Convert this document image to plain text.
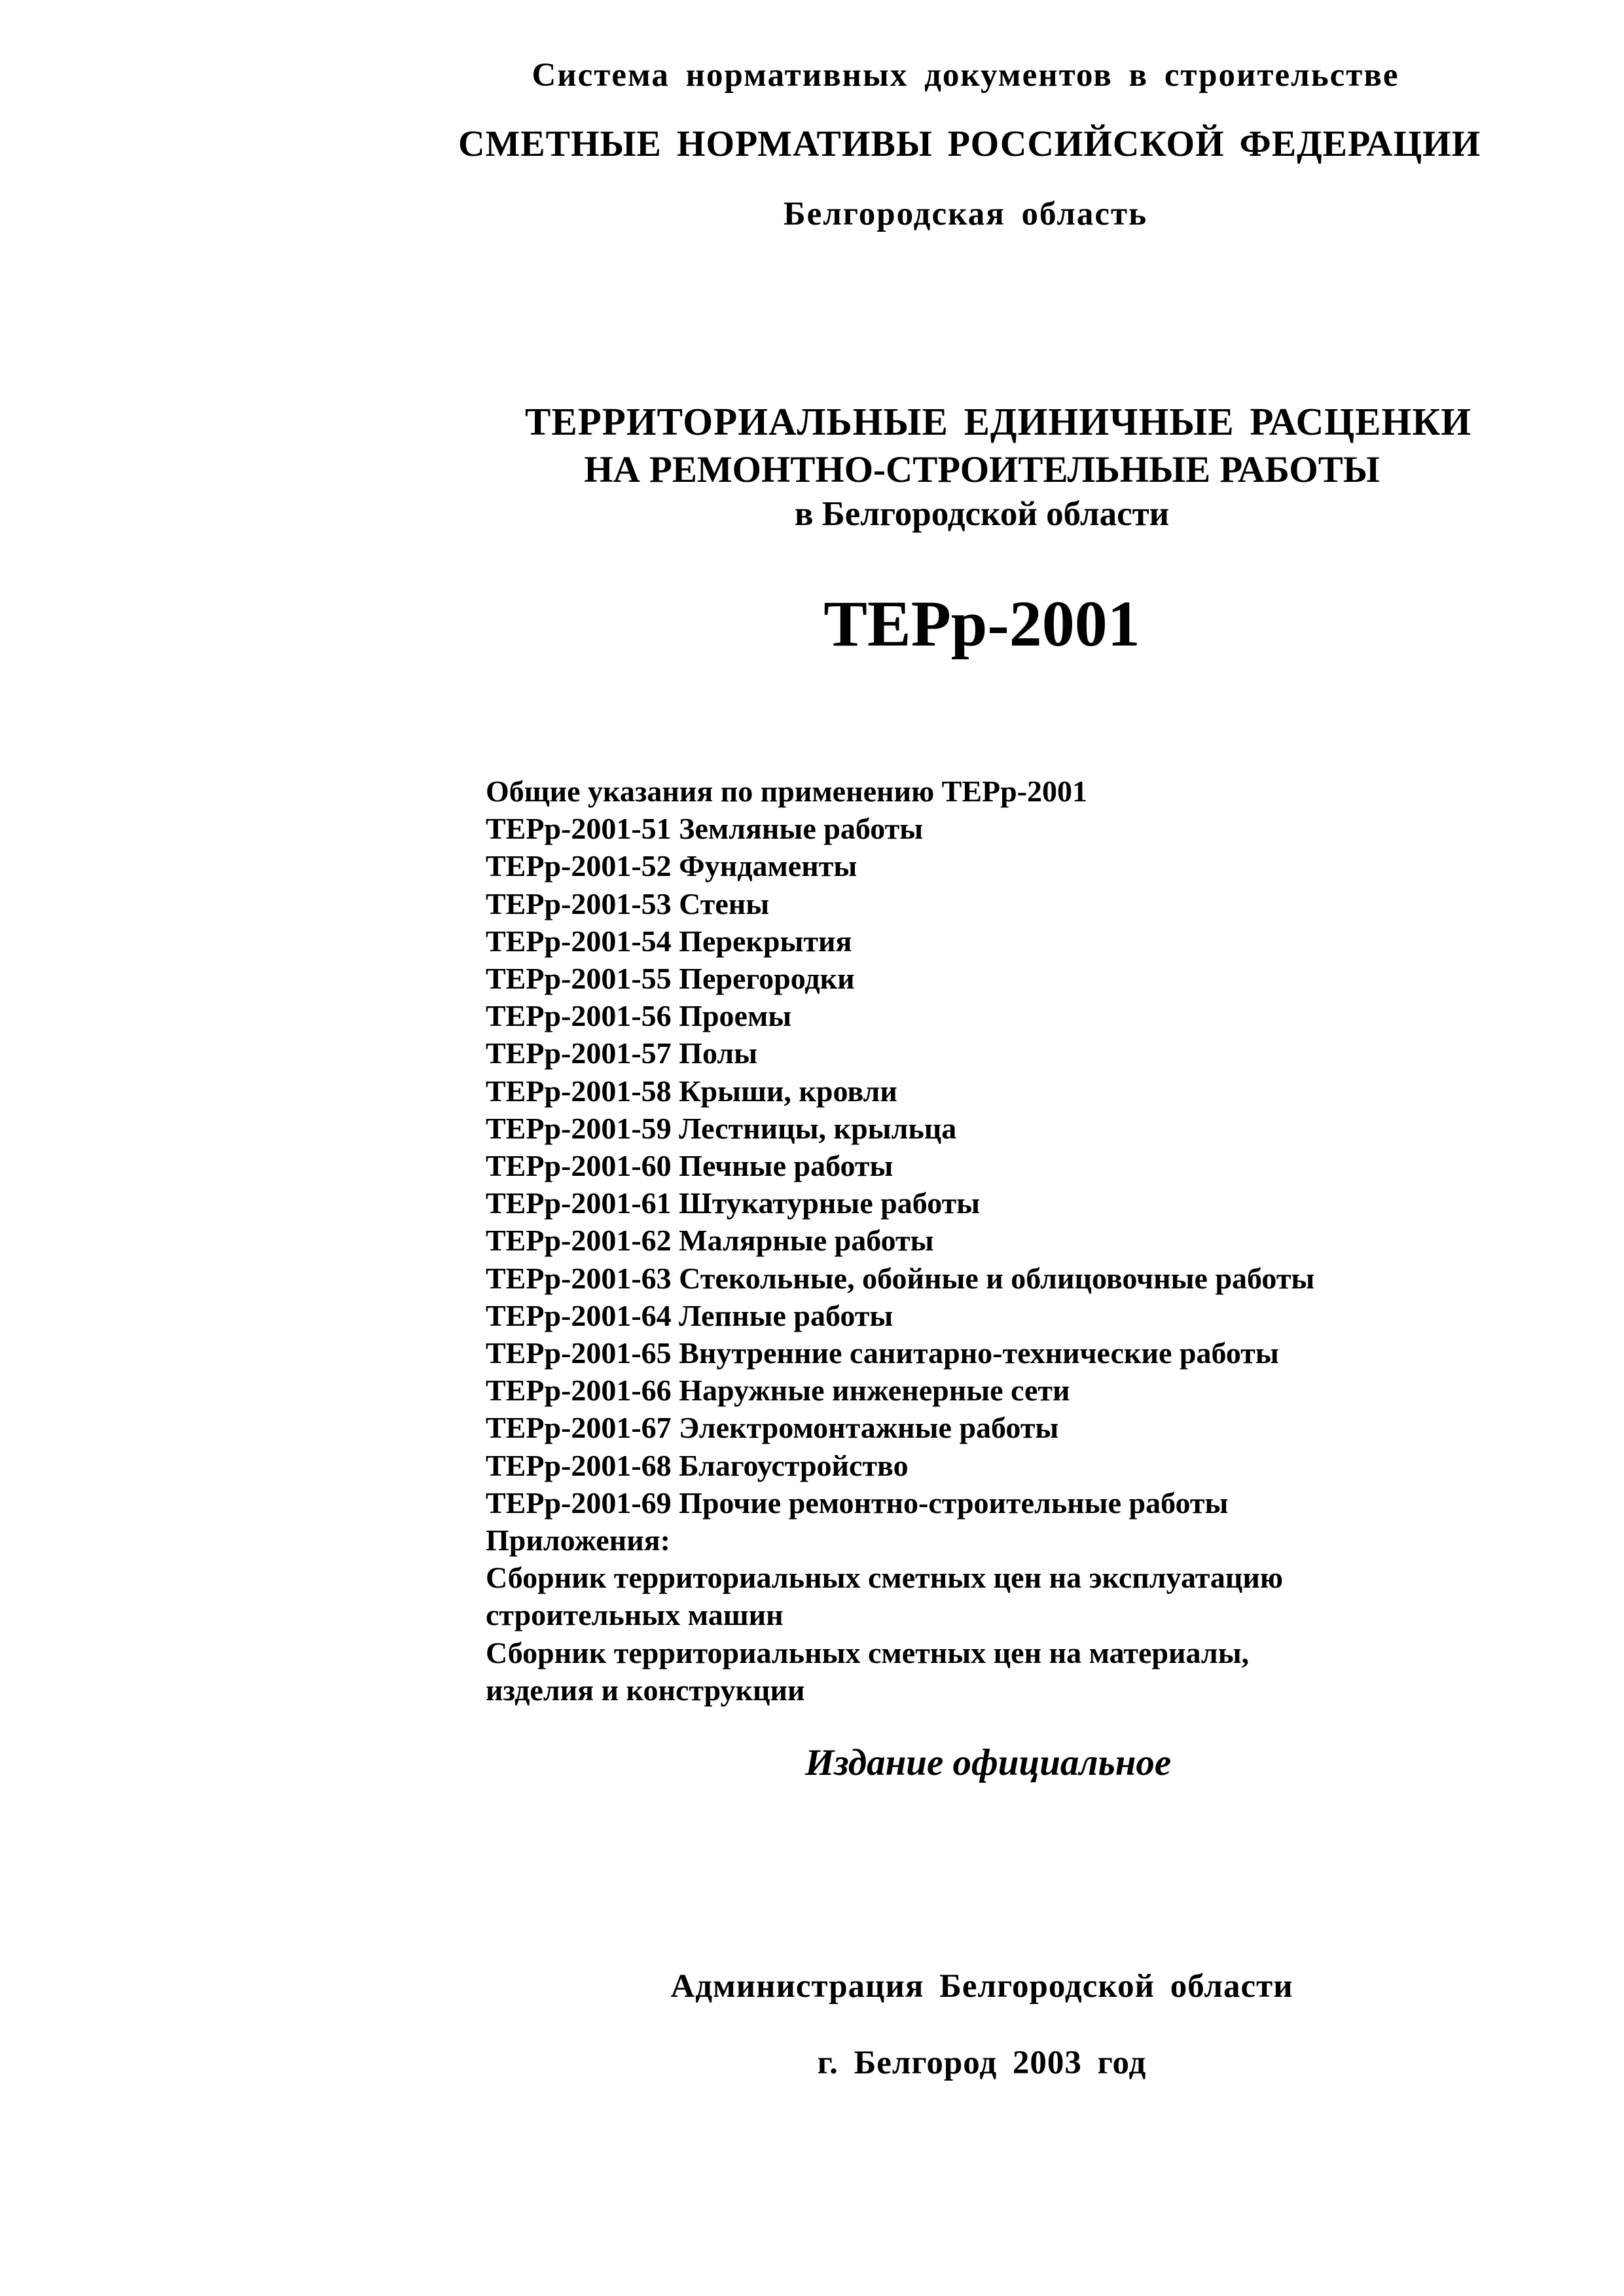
Система нормативных документов в строительстве

СМЕТНЫЕ НОРМАТИВЫ РОССИЙСКОЙ ФЕДЕРАЦИИ

Белгородская область

ТЕРРИТОРИАЛЬНЫЕ ЕДИНИЧНЫЕ РАСЦЕНКИ

НА РЕМОНТНО-СТРОИТЕЛЬНЫЕ РАБОТЫ

в Белгородской области

ТЕРр-2001

Общие указания по применению ТЕРр-2001
ТЕРр-2001-51 Земляные работы
ТЕРр-2001-52 Фундаменты
ТЕРр-2001-53 Стены
ТЕРр-2001-54 Перекрытия
ТЕРр-2001-55 Перегородки
ТЕРр-2001-56 Проемы
ТЕРр-2001-57 Полы
ТЕРр-2001-58 Крыши, кровли
ТЕРр-2001-59 Лестницы, крыльца
ТЕРр-2001-60 Печные работы
ТЕРр-2001-61 Штукатурные работы
ТЕРр-2001-62 Малярные работы
ТЕРр-2001-63 Стекольные, обойные и облицовочные работы
ТЕРр-2001-64 Лепные работы
ТЕРр-2001-65 Внутренние санитарно-технические работы
ТЕРр-2001-66 Наружные инженерные сети
ТЕРр-2001-67 Электромонтажные работы
ТЕРр-2001-68 Благоустройство
ТЕРр-2001-69 Прочие ремонтно-строительные работы
Приложения:
Сборник территориальных сметных цен на эксплуатацию
строительных машин
Сборник территориальных сметных цен на материалы,
изделия и конструкции

Издание официальное

Администрация Белгородской области

г. Белгород 2003 год
